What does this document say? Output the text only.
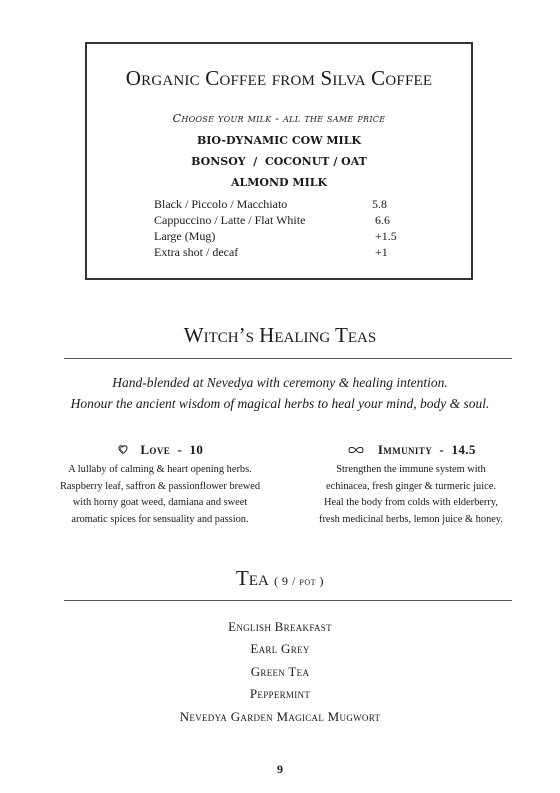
Organic Coffee from Silva Coffee
Choose your milk - all the same price
BIO-DYNAMIC COW MILK
BONSOY  /  COCONUT / OAT
ALMOND MILK
Black / Piccolo / Macchiato	5.8
Cappuccino / Latte / Flat White	6.6
Large (Mug)	+1.5
Extra shot / decaf	+1
Witch’s Healing Teas
Hand-blended at Nevedya with ceremony & healing intention.
Honour the ancient wisdom of magical herbs to heal your mind, body & soul.
Love  -  10
A lullaby of calming & heart opening herbs.
Raspberry leaf, saffron & passionflower brewed
with horny goat weed, damiana and sweet
aromatic spices for sensuality and passion.
Immunity  -  14.5
Strengthen the immune system with
echinacea, fresh ginger & turmeric juice.
Heal the body from colds with elderberry,
fresh medicinal herbs, lemon juice & honey.
Tea ( 9 / pot )
English Breakfast
Earl Grey
Green Tea
Peppermint
Nevedya Garden Magical Mugwort
9
